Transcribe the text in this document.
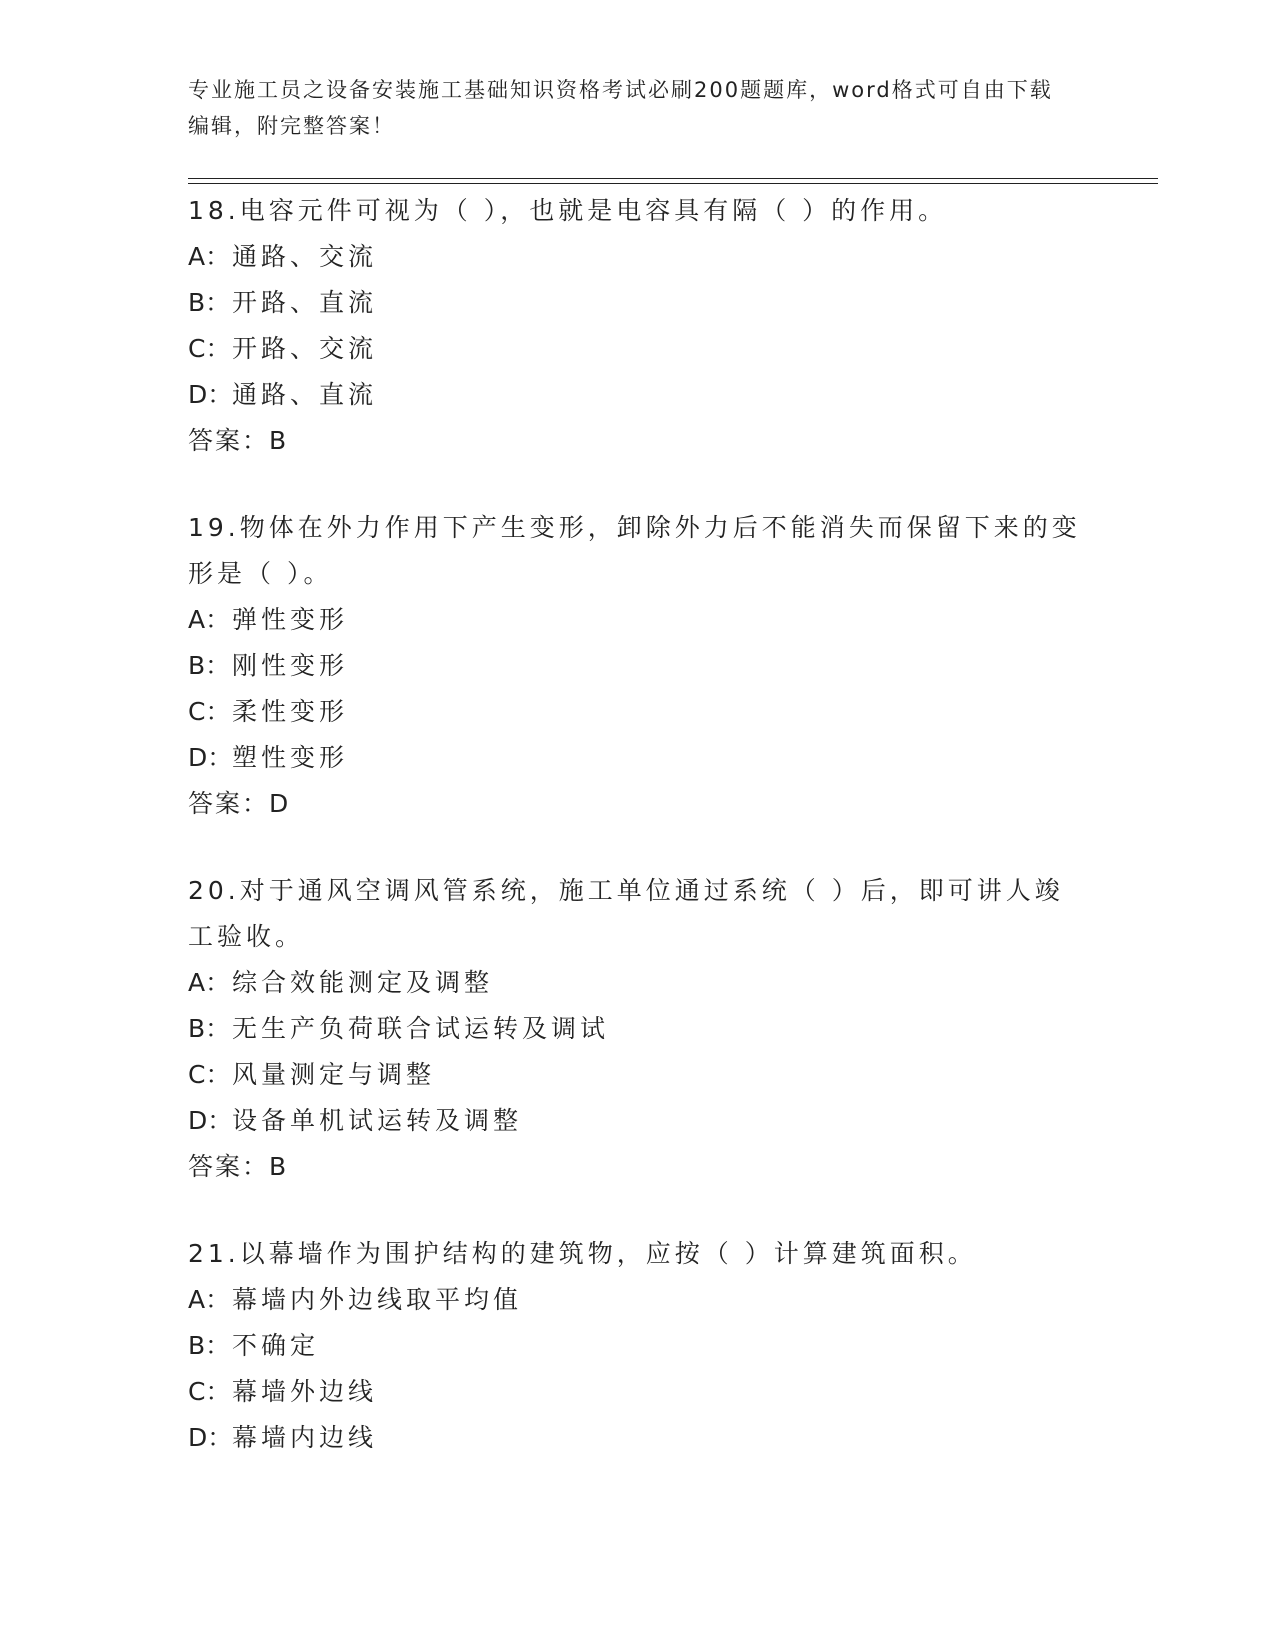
专业施工员之设备安装施工基础知识资格考试必刷200题题库，word格式可自由下载编辑，附完整答案！
18.电容元件可视为（ ），也就是电容具有隔（ ）的作用。
A：通路、交流
B：开路、直流
C：开路、交流
D：通路、直流
答案：B
19.物体在外力作用下产生变形，卸除外力后不能消失而保留下来的变形是（ ）。
A：弹性变形
B：刚性变形
C：柔性变形
D：塑性变形
答案：D
20.对于通风空调风管系统，施工单位通过系统（ ）后，即可讲人竣工验收。
A：综合效能测定及调整
B：无生产负荷联合试运转及调试
C：风量测定与调整
D：设备单机试运转及调整
答案：B
21.以幕墙作为围护结构的建筑物，应按（ ）计算建筑面积。
A：幕墙内外边线取平均值
B：不确定
C：幕墙外边线
D：幕墙内边线
